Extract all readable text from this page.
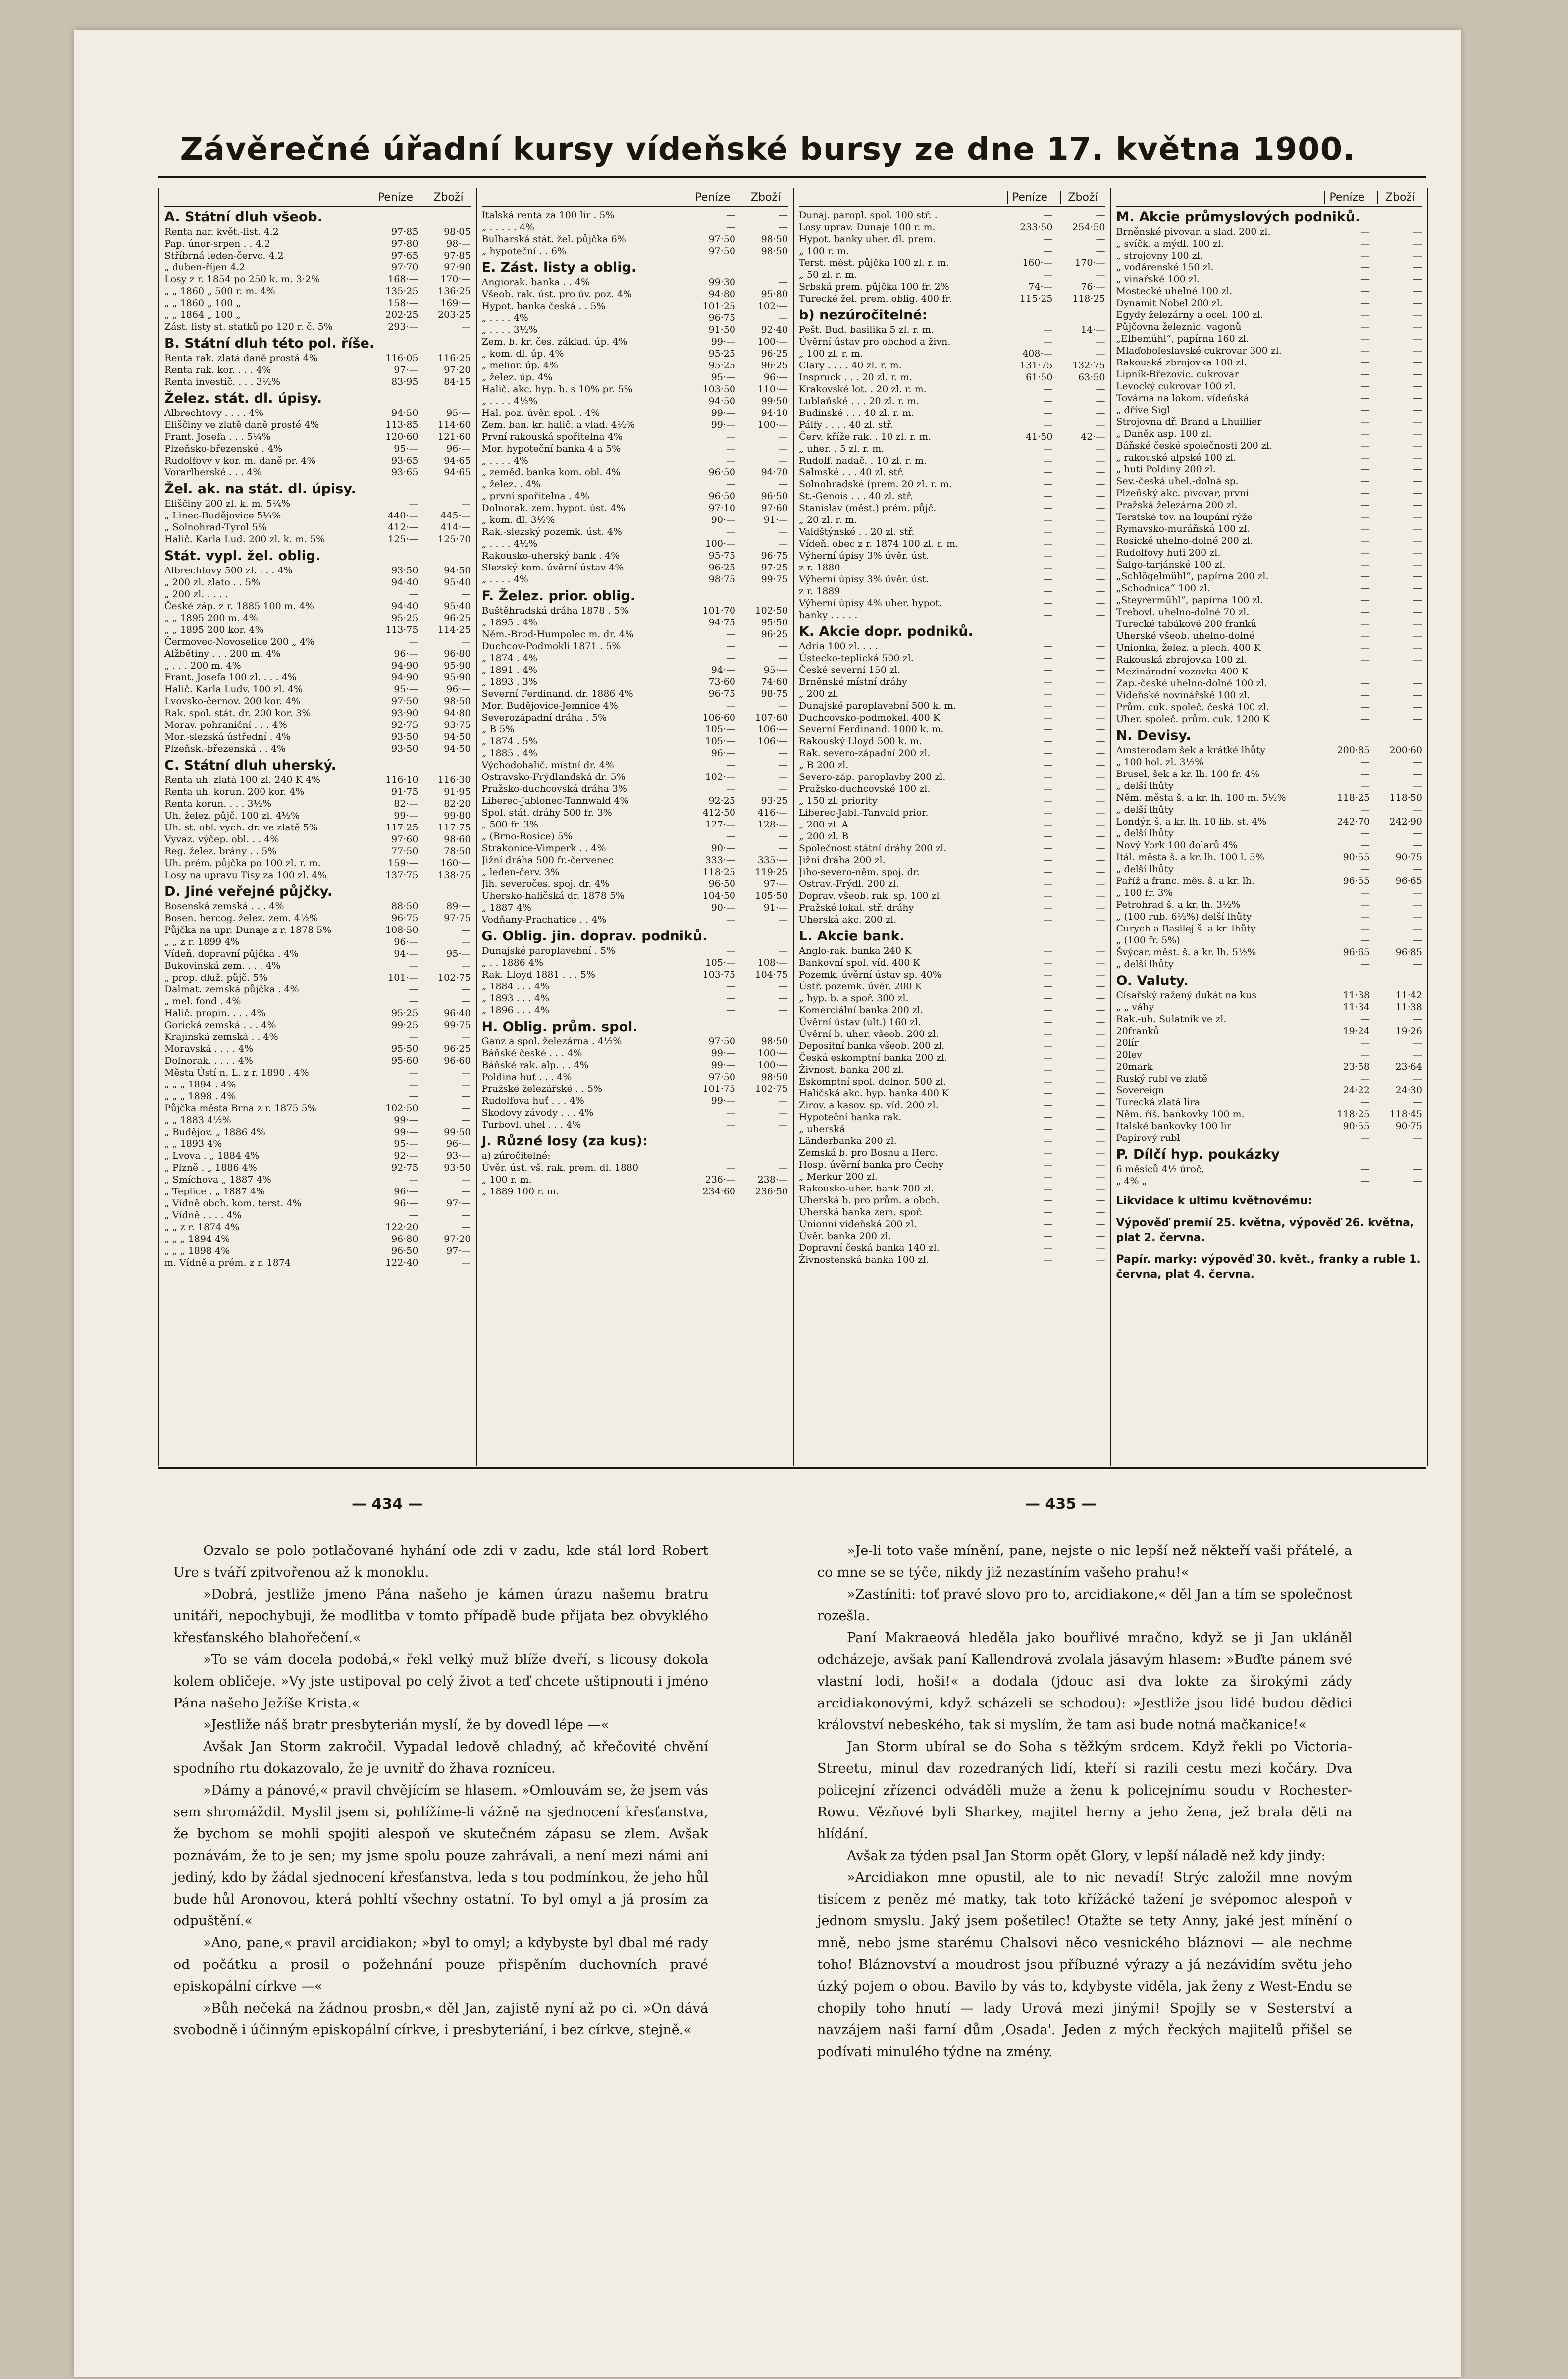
Závěrečné úřadní kursy vídeňské bursy ze dne 17. května 1900.
Peníze	Zboží
A. Státní dluh všeob.
Renta nar. květ.-list. 4.2	97·85	98·05
Pap. únor-srpen . . 4.2	97·80	98·—
Stříbrná leden-červc. 4.2	97·65	97·85
„ duben-říjen 4.2	97·70	97·90
Losy z r. 1854 po 250 k. m. 3·2%	168·—	170·—
„ „ 1860 „ 500 r. m. 4%	135·25	136·25
„ „ 1860 „ 100 „	158·—	169·—
„ „ 1864 „ 100 „	202·25	203·25
Zást. listy st. statků po 120 r. č. 5%	293·—	—
B. Státní dluh této pol. říše.
Renta rak. zlatá daně prostá 4%	116·05	116·25
Renta rak. kor. . . . 4%	97·—	97·20
Renta investič. . . . 3½%	83·95	84·15
Želez. stát. dl. úpisy.
Albrechtovy . . . . 4%	94·50	95·—
Eliščiny ve zlatě daně prosté 4%	113·85	114·60
Frant. Josefa . . . 5¼%	120·60	121·60
Plzeňsko-březenské . 4%	95·—	96·—
Rudolfovy v kor. m. daně pr. 4%	93·65	94·65
Vorarlberské . . . 4%	93·65	94·65
Žel. ak. na stát. dl. úpisy.
Eliščiny 200 zl. k. m. 5¼%	—	—
„ Linec-Budějovice 5¼%	440·—	445·—
„ Solnohrad-Tyrol 5%	412·—	414·—
Halič. Karla Lud. 200 zl. k. m. 5%	125·—	125·70
Stát. vypl. žel. oblig.
Albrechtovy 500 zl. . . . 4%	93·50	94·50
„ 200 zl. zlato . . 5%	94·40	95·40
„ 200 zl. . . . .	—	—
České záp. z r. 1885 100 m. 4%	94·40	95·40
„ „ 1895 200 m. 4%	95·25	96·25
„ „ 1895 200 kor. 4%	113·75	114·25
Čermovec-Novoselice 200 „ 4%	—	—
Alžbětiny . . . 200 m. 4%	96·—	96·80
„ . . . 200 m. 4%	94·90	95·90
Frant. Josefa 100 zl. . . . 4%	94·90	95·90
Halič. Karla Ludv. 100 zl. 4%	95·—	96·—
Lvovsko-černov. 200 kor. 4%	97·50	98·50
Rak. spol. stát. dr. 200 kor. 3%	93·90	94·80
Morav. pohraniční . . . 4%	92·75	93·75
Mor.-slezská ústřední . 4%	93·50	94·50
Plzeňsk.-březenská . . 4%	93·50	94·50
C. Státní dluh uherský.
Renta uh. zlatá 100 zl. 240 K 4%	116·10	116·30
Renta uh. korun. 200 kor. 4%	91·75	91·95
Renta korun. . . . 3½%	82·—	82·20
Uh. želez. půjč. 100 zl. 4½%	99·—	99·80
Uh. st. obl. vych. dr. ve zlatě 5%	117·25	117·75
Vyvaz. výčep. obl. . . 4%	97·60	98·60
Reg. želez. brány . . 5%	77·50	78·50
Uh. prém. půjčka po 100 zl. r. m.	159·—	160·—
Losy na upravu Tisy za 100 zl. 4%	137·75	138·75
D. Jiné veřejné půjčky.
Bosenská zemská . . . 4%	88·50	89·—
Bosen. hercog. želez. zem. 4½%	96·75	97·75
Půjčka na upr. Dunaje z r. 1878 5%	108·50	—
„ „ z r. 1899 4%	96·—	—
Vídeň. dopravní půjčka . 4%	94·—	95·—
Bukovinská zem. . . . 4%	—	—
„ prop. dluž. půjč. 5%	101·—	102·75
Dalmat. zemská půjčka . 4%	—	—
„ mel. fond . 4%	—	—
Halič. propin. . . . 4%	95·25	96·40
Gorická zemská . . . 4%	99·25	99·75
Krajinská zemská . . 4%	—	—
Moravská . . . . 4%	95·50	96·25
Dolnorak. . . . . 4%	95·60	96·60
Města Ústí n. L. z r. 1890 . 4%	—	—
„ „ „ 1894 . 4%	—	—
„ „ „ 1898 . 4%	—	—
Půjčka města Brna z r. 1875 5%	102·50	—
„ „ 1883 4½%	99·—	—
„ Budějov. „ 1886 4%	99·—	99·50
„ „ 1893 4%	95·—	96·—
„ Lvova . „ 1884 4%	92·—	93·—
„ Plzně . „ 1886 4%	92·75	93·50
„ Smíchova „ 1887 4%	—	—
„ Teplice . „ 1887 4%	96·—	—
„ Vídně obch. kom. terst. 4%	96·—	97·—
„ Vídně . . . . 4%	—	—
„ „ z r. 1874 4%	122·20	—
„ „ „ 1894 4%	96·80	97·20
„ „ „ 1898 4%	96·50	97·—
m. Vídně a prém. z r. 1874	122·40	—
Peníze	Zboží
Italská renta za 100 lir . 5%	—	—
„ . . . . . 4%	—	—
Bulharská stát. žel. půjčka 6%	97·50	98·50
„ hypoteční . . 6%	97·50	98·50
E. Zást. listy a oblig.
Angiorak. banka . . 4%	99·30	—
Všeob. rak. úst. pro úv. poz. 4%	94·80	95·80
Hypot. banka česká . . 5%	101·25	102·—
„ . . . . 4%	96·75	—
„ . . . . 3½%	91·50	92·40
Zem. b. kr. čes. základ. úp. 4%	99·—	100·—
„ kom. dl. úp. 4%	95·25	96·25
„ melior. úp. 4%	95·25	96·25
„ želez. úp. 4%	95·—	96·—
Halič. akc. hyp. b. s 10% pr. 5%	103·50	110·—
„ . . . . 4½%	94·50	99·50
Hal. poz. úvěr. spol. . 4%	99·—	94·10
Zem. ban. kr. halič. a vlad. 4½%	99·—	100·—
První rakouská spořitelna 4%	—	—
Mor. hypoteční banka 4 a 5%	—	—
„ . . . . 4%	—	—
„ zeměd. banka kom. obl. 4%	96·50	94·70
„ želez. . 4%	—	—
„ první spořitelna . 4%	96·50	96·50
Dolnorak. zem. hypot. úst. 4%	97·10	97·60
„ kom. dl. 3½%	90·—	91·—
Rak.-slezský pozemk. úst. 4%	—	—
„ . . . . 4½%	100·—	—
Rakousko-uherský bank . 4%	95·75	96·75
Slezský kom. úvěrní ústav 4%	96·25	97·25
„ . . . . 4%	98·75	99·75
F. Želez. prior. oblig.
Buštěhradská dráha 1878 . 5%	101·70	102·50
„ 1895 . 4%	94·75	95·50
Něm.-Brod-Humpolec m. dr. 4%	—	96·25
Duchcov-Podmokli 1871 . 5%	—	—
„ 1874 . 4%	—	—
„ 1891 . 4%	94·—	95·—
„ 1893 . 3%	73·60	74·60
Severní Ferdinand. dr. 1886 4%	96·75	98·75
Mor. Budějovice-Jemnice 4%	—	—
Severozápadní dráha . 5%	106·60	107·60
„ B 5%	105·—	106·—
„ 1874 . 5%	105·—	106·—
„ 1885 . 4%	96·—	—
Východohalič. místní dr. 4%	—	—
Ostravsko-Frýdlandská dr. 5%	102·—	—
Pražsko-duchcovská dráha 3%	—	—
Liberec-Jablonec-Tannwald 4%	92·25	93·25
Spol. stát. dráhy 500 fr. 3%	412·50	416·—
„ 500 fr. 3%	127·—	128·—
„ (Brno-Rosice) 5%	—	—
Strakonice-Vimperk . . 4%	90·—	—
Jižní dráha 500 fr.-červenec	333·—	335·—
„ leden-červ. 3%	118·25	119·25
Jih. severočes. spoj. dr. 4%	96·50	97·—
Uhersko-haličská dr. 1878 5%	104·50	105·50
„ 1887 4%	90·—	91·—
Vodňany-Prachatice . . 4%	—	—
G. Oblig. jin. doprav. podniků.
Dunajské paroplavební . 5%	—	—
„ . . 1886 4%	105·—	108·—
Rak. Lloyd 1881 . . . 5%	103·75	104·75
„ 1884 . . . 4%	—	—
„ 1893 . . . 4%	—	—
„ 1896 . . . 4%	—	—
H. Oblig. prům. spol.
Ganz a spol. železárna . 4½%	97·50	98·50
Báňské české . . . 4%	99·—	100·—
Báňské rak. alp. . . 4%	99·—	100·—
Poldina huť . . . 4%	97·50	98·50
Pražské železářské . . 5%	101·75	102·75
Rudolfova huť . . . 4%	99·—	—
Skodovy závody . . . 4%	—	—
Turbovl. uhel . . . 4%	—	—
J. Různé losy (za kus):
a) zúročitelné:
Úvěr. úst. vš. rak. prem. dl. 1880	—	—
„ 100 r. m.	236·—	238·—
„ 1889 100 r. m.	234·60	236·50
Peníze	Zboží
Dunaj. paropl. spol. 100 stř. .	—	—
Losy uprav. Dunaje 100 r. m.	233·50	254·50
Hypot. banky uher. dl. prem.	—	—
„ 100 r. m.	—	—
Terst. měst. půjčka 100 zl. r. m.	160·—	170·—
„ 50 zl. r. m.	—	—
Srbská prem. půjčka 100 fr. 2%	74·—	76·—
Turecké žel. prem. oblig. 400 fr.	115·25	118·25
b) nezúročitelné:
Pešt. Bud. basilika 5 zl. r. m.	—	14·—
Úvěrní ústav pro obchod a živn.	—	—
„ 100 zl. r. m.	408·—	—
Clary . . . . 40 zl. r. m.	131·75	132·75
Inspruck . . . 20 zl. r. m.	61·50	63·50
Krakovské lot. . 20 zl. r. m.	—	—
Lublaňské . . . 20 zl. r. m.	—	—
Budínské . . . 40 zl. r. m.	—	—
Pálfy . . . . 40 zl. stř.	—	—
Červ. kříže rak. . 10 zl. r. m.	41·50	42·—
„ uher. . 5 zl. r. m.	—	—
Rudolf. nadač. . 10 zl. r. m.	—	—
Salmské . . . 40 zl. stř.	—	—
Solnohradské (prem. 20 zl. r. m.	—	—
St.-Genois . . . 40 zl. stř.	—	—
Stanislav (měst.) prém. půjč.	—	—
„ 20 zl. r. m.	—	—
Valdštýnské . . 20 zl. stř.	—	—
Vídeň. obec z r. 1874 100 zl. r. m.	—	—
Výherní úpisy 3% úvěr. úst.	—	—
z r. 1880	—	—
Výherní úpisy 3% úvěr. úst.	—	—
z r. 1889	—	—
Výherní úpisy 4% uher. hypot.	—	—
banky . . . . .	—	—
K. Akcie dopr. podniků.
Adria 100 zl. . . .	—	—
Ústecko-teplická 500 zl.	—	—
České severní 150 zl.	—	—
Brněnské místní dráhy	—	—
„ 200 zl.	—	—
Dunajské paroplavební 500 k. m.	—	—
Duchcovsko-podmokel. 400 K	—	—
Severní Ferdinand. 1000 k. m.	—	—
Rakouský Lloyd 500 k. m.	—	—
Rak. severo-západní 200 zl.	—	—
„ B 200 zl.	—	—
Severo-záp. paroplavby 200 zl.	—	—
Pražsko-duchcovské 100 zl.	—	—
„ 150 zl. priority	—	—
Liberec-Jabl.-Tanvald prior.	—	—
„ 200 zl. A	—	—
„ 200 zl. B	—	—
Společnost státní dráhy 200 zl.	—	—
Jižní dráha 200 zl.	—	—
Jiho-severo-něm. spoj. dr.	—	—
Ostrav.-Frýdl. 200 zl.	—	—
Doprav. všeob. rak. sp. 100 zl.	—	—
Pražské lokal. stř. dráhy	—	—
Uherská akc. 200 zl.	—	—
L. Akcie bank.
Anglo-rak. banka 240 K	—	—
Bankovní spol. víd. 400 K	—	—
Pozemk. úvěrní ústav sp. 40%	—	—
Ústř. pozemk. úvěr. 200 K	—	—
„ hyp. b. a spoř. 300 zl.	—	—
Komerciální banka 200 zl.	—	—
Úvěrní ústav (ult.) 160 zl.	—	—
Úvěrní b. uher. všeob. 200 zl.	—	—
Depositní banka všeob. 200 zl.	—	—
Česká eskomptní banka 200 zl.	—	—
Živnost. banka 200 zl.	—	—
Eskomptní spol. dolnor. 500 zl.	—	—
Haličská akc. hyp. banka 400 K	—	—
Zirov. a kasov. sp. víd. 200 zl.	—	—
Hypoteční banka rak.	—	—
„ uherská	—	—
Länderbanka 200 zl.	—	—
Zemská b. pro Bosnu a Herc.	—	—
Hosp. úvěrní banka pro Čechy	—	—
„ Merkur 200 zl.	—	—
Rakousko-uher. bank 700 zl.	—	—
Uherská b. pro prům. a obch.	—	—
Uherská banka zem. spoř.	—	—
Unionní vídeňská 200 zl.	—	—
Úvěr. banka 200 zl.	—	—
Dopravní česká banka 140 zl.	—	—
Živnostenská banka 100 zl.	—	—
Peníze	Zboží
M. Akcie průmyslových podniků.
Brněnské pivovar. a slad. 200 zl.	—	—
„ svíčk. a mýdl. 100 zl.	—	—
„ strojovny 100 zl.	—	—
„ vodárenské 150 zl.	—	—
„ vinařské 100 zl.	—	—
Mostecké uhelné 100 zl.	—	—
Dynamit Nobel 200 zl.	—	—
Egydy železárny a ocel. 100 zl.	—	—
Půjčovna železnic. vagonů	—	—
„Elbemühl“, papírna 160 zl.	—	—
Mlaďoboleslavské cukrovar 300 zl.	—	—
Rakouská zbrojovka 100 zl.	—	—
Lipník-Březovic. cukrovar	—	—
Levocký cukrovar 100 zl.	—	—
Továrna na lokom. vídeňská	—	—
„ dříve Sigl	—	—
Strojovna dř. Brand a Lhuillier	—	—
„ Daněk asp. 100 zl.	—	—
Báňské české společnosti 200 zl.	—	—
„ rakouské alpské 100 zl.	—	—
„ huti Poldiny 200 zl.	—	—
Sev.-česká uhel.-dolná sp.	—	—
Plzeňský akc. pivovar, první	—	—
Pražská železárna 200 zl.	—	—
Terstské tov. na loupání rýže	—	—
Rymavsko-muráňská 100 zl.	—	—
Rosické uhelno-dolné 200 zl.	—	—
Rudolfovy huti 200 zl.	—	—
Šalgo-tarjánské 100 zl.	—	—
„Schlögelmühl“, papírna 200 zl.	—	—
„Schodnica“ 100 zl.	—	—
„Steyrermühl“, papírna 100 zl.	—	—
Trebovl. uhelno-dolné 70 zl.	—	—
Turecké tabákové 200 franků	—	—
Uherské všeob. uhelno-dolné	—	—
Unionka, želez. a plech. 400 K	—	—
Rakouská zbrojovka 100 zl.	—	—
Mezinárodní vozovka 400 K	—	—
Zap.-české uhelno-dolné 100 zl.	—	—
Vídeňské novinářské 100 zl.	—	—
Prům. cuk. společ. česká 100 zl.	—	—
Uher. společ. prům. cuk. 1200 K	—	—
N. Devisy.
Amsterodam šek a krátké lhůty	200·85	200·60
„ 100 hol. zl. 3½%	—	—
Brusel, šek a kr. lh. 100 fr. 4%	—	—
„ delší lhůty	—	—
Něm. města š. a kr. lh. 100 m. 5½%	118·25	118·50
„ delší lhůty	—	—
Londýn š. a kr. lh. 10 lib. st. 4%	242·70	242·90
„ delší lhůty	—	—
Nový York 100 dolarů 4%	—	—
Itál. města š. a kr. lh. 100 l. 5%	90·55	90·75
„ delší lhůty	—	—
Paříž a franc. měs. š. a kr. lh.	96·55	96·65
„ 100 fr. 3%	—	—
Petrohrad š. a kr. lh. 3½%	—	—
„ (100 rub. 6½%) delší lhůty	—	—
Curych a Basilej š. a kr. lhůty	—	—
„ (100 fr. 5%)	—	—
Švýcar. měst. š. a kr. lh. 5½%	96·65	96·85
„ delší lhůty	—	—
O. Valuty.
Císařský ražený dukát na kus	11·38	11·42
„ „ váhy	11·34	11·38
Rak.-uh. Sulatnik ve zl.	—	—
20franků	19·24	19·26
20lír	—	—
20lev	—	—
20mark	23·58	23·64
Ruský rubl ve zlatě	—	—
Sovereign	24·22	24·30
Turecká zlatá lira	—	—
Něm. říš. bankovky 100 m.	118·25	118·45
Italské bankovky 100 lir	90·55	90·75
Papírový rubl	—	—
P. Dílčí hyp. poukázky
6 měsíců 4½ úroč.	—	—
„ 4% „	—	—
Likvidace k ultimu květnovému:
Výpověď premií 25. května, výpověď 26. května, plat 2. června.
Papír. marky: výpověď 30. květ., franky a ruble 1. června, plat 4. června.
— 434 —	— 435 —

Ozvalo se polo potlačované hyhání ode zdi v zadu, kde stál lord Robert Ure s tváří zpitvořenou až k monoklu.

»Dobrá, jestliže jmeno Pána našeho je kámen úrazu našemu bratru unitáři, nepochybuji, že modlitba v tomto případě bude přijata bez obvyklého křesťanského blahořečení.«

»To se vám docela podobá,« řekl velký muž blíže dveří, s licousy dokola kolem obličeje. »Vy jste ustipoval po celý život a teď chcete uštipnouti i jméno Pána našeho Ježíše Krista.«

»Jestliže náš bratr presbyterián myslí, že by dovedl lépe —«

Avšak Jan Storm zakročil. Vypadal ledově chladný, ač křečovité chvění spodního rtu dokazovalo, že je uvnitř do žhava rozníceu.

»Dámy a pánové,« pravil chvějícím se hlasem. »Omlouvám se, že jsem vás sem shromáždil. Myslil jsem si, pohlížíme-li vážně na sjednocení křesťanstva, že bychom se mohli spojiti alespoň ve skutečném zápasu se zlem. Avšak poznávám, že to je sen; my jsme spolu pouze zahrávali, a není mezi námi ani jediný, kdo by žádal sjednocení křesťanstva, leda s tou podmínkou, že jeho hůl bude hůl Aronovou, která pohltí všechny ostatní. To byl omyl a já prosím za odpuštění.«

»Ano, pane,« pravil arcidiakon; »byl to omyl; a kdybyste byl dbal mé rady od počátku a prosil o požehnání pouze přispěním duchovních pravé episkopální církve —«

»Bůh nečeká na žádnou prosbn,« děl Jan, zajistě nyní až po ci. »On dává svobodně i účinným episkopální církve, i presbyteriání, i bez církve, stejně.«

»Je-li toto vaše mínění, pane, nejste o nic lepší než někteří vaši přátelé, a co mne se se týče, nikdy již nezastíním vašeho prahu!«

»Zastíniti: toť pravé slovo pro to, arcidiakone,« děl Jan a tím se společnost rozešla.

Paní Makraeová hleděla jako bouřlivé mračno, když se ji Jan ukláněl odcházeje, avšak paní Kallendrová zvolala jásavým hlasem: »Buďte pánem své vlastní lodi, hoši!« a dodala (jdouc asi dva lokte za širokými zády arcidiakonovými, když scházeli se schodou): »Jestliže jsou lidé budou dědici království nebeského, tak si myslím, že tam asi bude notná mačkanice!«

Jan Storm ubíral se do Soha s těžkým srdcem. Když řekli po Victoria-Streetu, minul dav rozedraných lidí, kteří si razili cestu mezi kočáry. Dva policejní zřízenci odváděli muže a ženu k policejnímu soudu v Rochester-Rowu. Vězňové byli Sharkey, majitel herny a jeho žena, jež brala děti na hlídání.

Avšak za týden psal Jan Storm opět Glory, v lepší náladě než kdy jindy:

»Arcidiakon mne opustil, ale to nic nevadí! Strýc založil mne novým tisícem z peněz mé matky, tak toto křížácké tažení je svépomoc alespoň v jednom smyslu. Jaký jsem pošetilec! Otažte se tety Anny, jaké jest mínění o mně, nebo jsme starému Chalsovi něco vesnického bláznovi — ale nechme toho! Bláznovství a moudrost jsou příbuzné výrazy a já nezávidím světu jeho úzký pojem o obou. Bavilo by vás to, kdybyste viděla, jak ženy z West-Endu se chopily toho hnutí — lady Urová mezi jinými! Spojily se v Sesterství a navzájem naši farní dům ,Osada'. Jeden z mých řeckých majitelů přišel se podívati minulého týdne na zmény.
